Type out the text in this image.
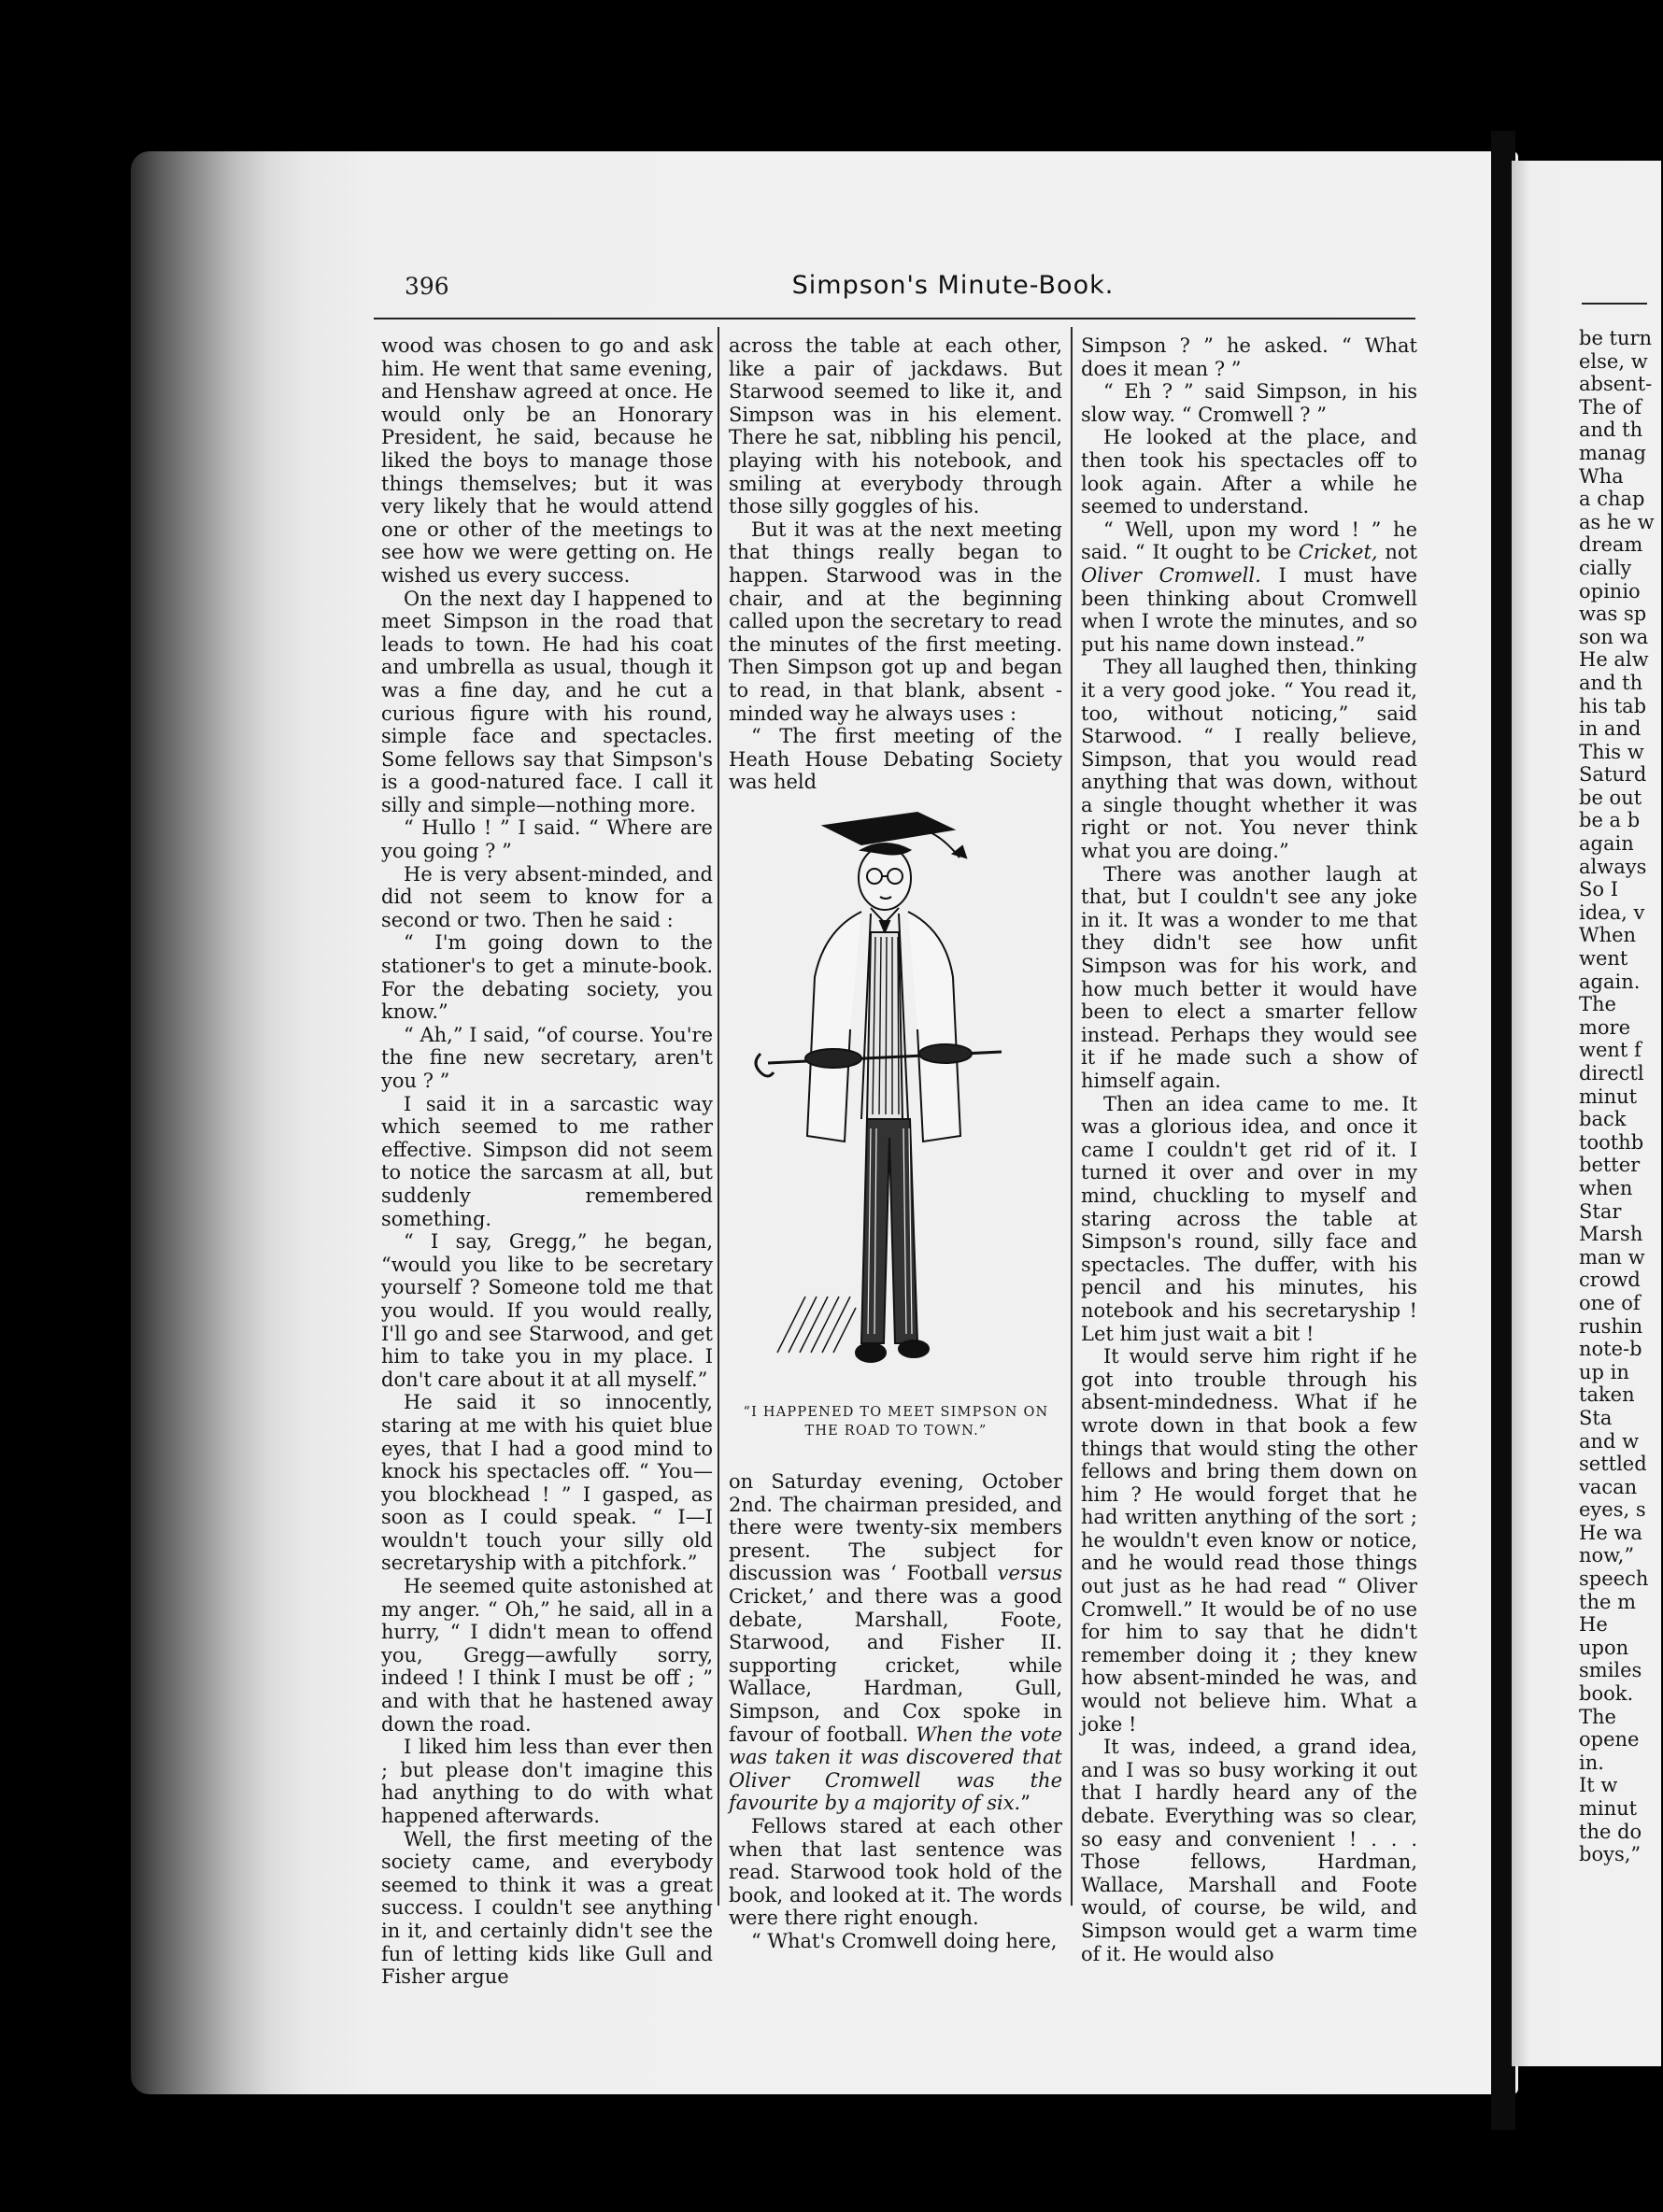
396	Simpson's Minute-Book.

wood was chosen to go and ask him. He went that same evening, and Henshaw agreed at once. He would only be an Honorary President, he said, because he liked the boys to manage those things themselves; but it was very likely that he would attend one or other of the meetings to see how we were getting on. He wished us every success.

On the next day I happened to meet Simpson in the road that leads to town. He had his coat and umbrella as usual, though it was a fine day, and he cut a curious figure with his round, simple face and spectacles. Some fellows say that Simpson's is a good-natured face. I call it silly and simple—nothing more.

“ Hullo ! ” I said. “ Where are you going ? ”

He is very absent-minded, and did not seem to know for a second or two. Then he said :

“ I'm going down to the stationer's to get a minute-book. For the debating society, you know.”

“ Ah,” I said, “of course. You're the fine new secretary, aren't you ? ”

I said it in a sarcastic way which seemed to me rather effective. Simpson did not seem to notice the sarcasm at all, but suddenly remembered something.

“ I say, Gregg,” he began, “would you like to be secretary yourself ? Someone told me that you would. If you would really, I'll go and see Starwood, and get him to take you in my place. I don't care about it at all myself.”

He said it so innocently, staring at me with his quiet blue eyes, that I had a good mind to knock his spectacles off. “ You—you blockhead ! ” I gasped, as soon as I could speak. “ I—I wouldn't touch your silly old secretaryship with a pitchfork.”

He seemed quite astonished at my anger. “ Oh,” he said, all in a hurry, “ I didn't mean to offend you, Gregg—awfully sorry, indeed ! I think I must be off ; ” and with that he hastened away down the road.

I liked him less than ever then ; but please don't imagine this had anything to do with what happened afterwards.

Well, the first meeting of the society came, and everybody seemed to think it was a great success. I couldn't see anything in it, and certainly didn't see the fun of letting kids like Gull and Fisher argue

across the table at each other, like a pair of jackdaws. But Starwood seemed to like it, and Simpson was in his element. There he sat, nibbling his pencil, playing with his notebook, and smiling at everybody through those silly goggles of his.

But it was at the next meeting that things really began to happen. Starwood was in the chair, and at the beginning called upon the secretary to read the minutes of the first meeting. Then Simpson got up and began to read, in that blank, absent - minded way he always uses :

“ The first meeting of the Heath House Debating Society was held

“I HAPPENED TO MEET SIMPSON ON
THE ROAD TO TOWN.”

on Saturday evening, October 2nd. The chairman presided, and there were twenty-six members present. The subject for discussion was ‘ Football versus Cricket,’ and there was a good debate, Marshall, Foote, Starwood, and Fisher II. supporting cricket, while Wallace, Hardman, Gull, Simpson, and Cox spoke in favour of football. When the vote was taken it was discovered that Oliver Cromwell was the favourite by a majority of six.”

Fellows stared at each other when that last sentence was read. Starwood took hold of the book, and looked at it. The words were there right enough.

“ What's Cromwell doing here,

Simpson ? ” he asked. “ What does it mean ? ”

“ Eh ? ” said Simpson, in his slow way. “ Cromwell ? ”

He looked at the place, and then took his spectacles off to look again. After a while he seemed to understand.

“ Well, upon my word ! ” he said. “ It ought to be Cricket, not Oliver Cromwell. I must have been thinking about Cromwell when I wrote the minutes, and so put his name down instead.”

They all laughed then, thinking it a very good joke. “ You read it, too, without noticing,” said Starwood. “ I really believe, Simpson, that you would read anything that was down, without a single thought whether it was right or not. You never think what you are doing.”

There was another laugh at that, but I couldn't see any joke in it. It was a wonder to me that they didn't see how unfit Simpson was for his work, and how much better it would have been to elect a smarter fellow instead. Perhaps they would see it if he made such a show of himself again.

Then an idea came to me. It was a glorious idea, and once it came I couldn't get rid of it. I turned it over and over in my mind, chuckling to myself and staring across the table at Simpson's round, silly face and spectacles. The duffer, with his pencil and his minutes, his notebook and his secretaryship ! Let him just wait a bit !

It would serve him right if he got into trouble through his absent-mindedness. What if he wrote down in that book a few things that would sting the other fellows and bring them down on him ? He would forget that he had written anything of the sort ; he wouldn't even know or notice, and he would read those things out just as he had read “ Oliver Cromwell.” It would be of no use for him to say that he didn't remember doing it ; they knew how absent-minded he was, and would not believe him. What a joke !

It was, indeed, a grand idea, and I was so busy working it out that I hardly heard any of the debate. Everything was so clear, so easy and convenient ! . . . Those fellows, Hardman, Wallace, Marshall and Foote would, of course, be wild, and Simpson would get a warm time of it. He would also

be turn
else, w
absent-
The of
and th
manag
Wha
a chap
as he w
dream
cially
opinio
was sp
son wa
He alw
and th
his tab
in and
This w
Saturd
be out
be a b
again
always
So I
idea, v
When
went
again.
The
more
went f
directl
minut
back
toothb
better
when
Star
Marsh
man w
crowd
one of
rushin
note-b
up in
taken
Sta
and w
settled
vacan
eyes, s
He wa
now,”
speech
the m
He
upon
smiles
book.
The
opene
in.
It w
minut
the do
boys,”
